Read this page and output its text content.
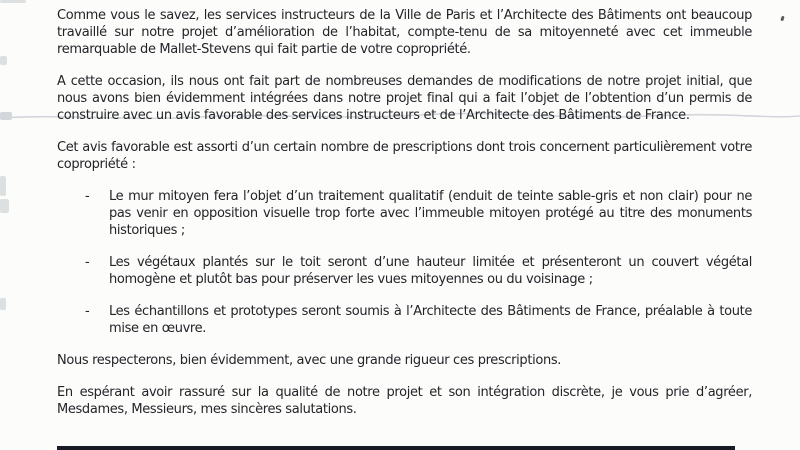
Comme vous le savez, les services instructeurs de la Ville de Paris et l’Architecte des Bâtiments ont beaucoup travaillé sur notre projet d’amélioration de l’habitat, compte-tenu de sa mitoyenneté avec cet immeuble remarquable de Mallet-Stevens qui fait partie de votre copropriété.

A cette occasion, ils nous ont fait part de nombreuses demandes de modifications de notre projet initial, que nous avons bien évidemment intégrées dans notre projet final qui a fait l’objet de l’obtention d’un permis de construire avec un avis favorable des services instructeurs et de l’Architecte des Bâtiments de France.

Cet avis favorable est assorti d’un certain nombre de prescriptions dont trois concernent particulièrement votre copropriété :

-	Le mur mitoyen fera l’objet d’un traitement qualitatif (enduit de teinte sable-gris et non clair) pour ne pas venir en opposition visuelle trop forte avec l’immeuble mitoyen protégé au titre des monuments historiques ;
-	Les végétaux plantés sur le toit seront d’une hauteur limitée et présenteront un couvert végétal homogène et plutôt bas pour préserver les vues mitoyennes ou du voisinage ;
-	Les échantillons et prototypes seront soumis à l’Architecte des Bâtiments de France, préalable à toute mise en œuvre.

Nous respecterons, bien évidemment, avec une grande rigueur ces prescriptions.

En espérant avoir rassuré sur la qualité de notre projet et son intégration discrète, je vous prie d’agréer, Mesdames, Messieurs, mes sincères salutations.
